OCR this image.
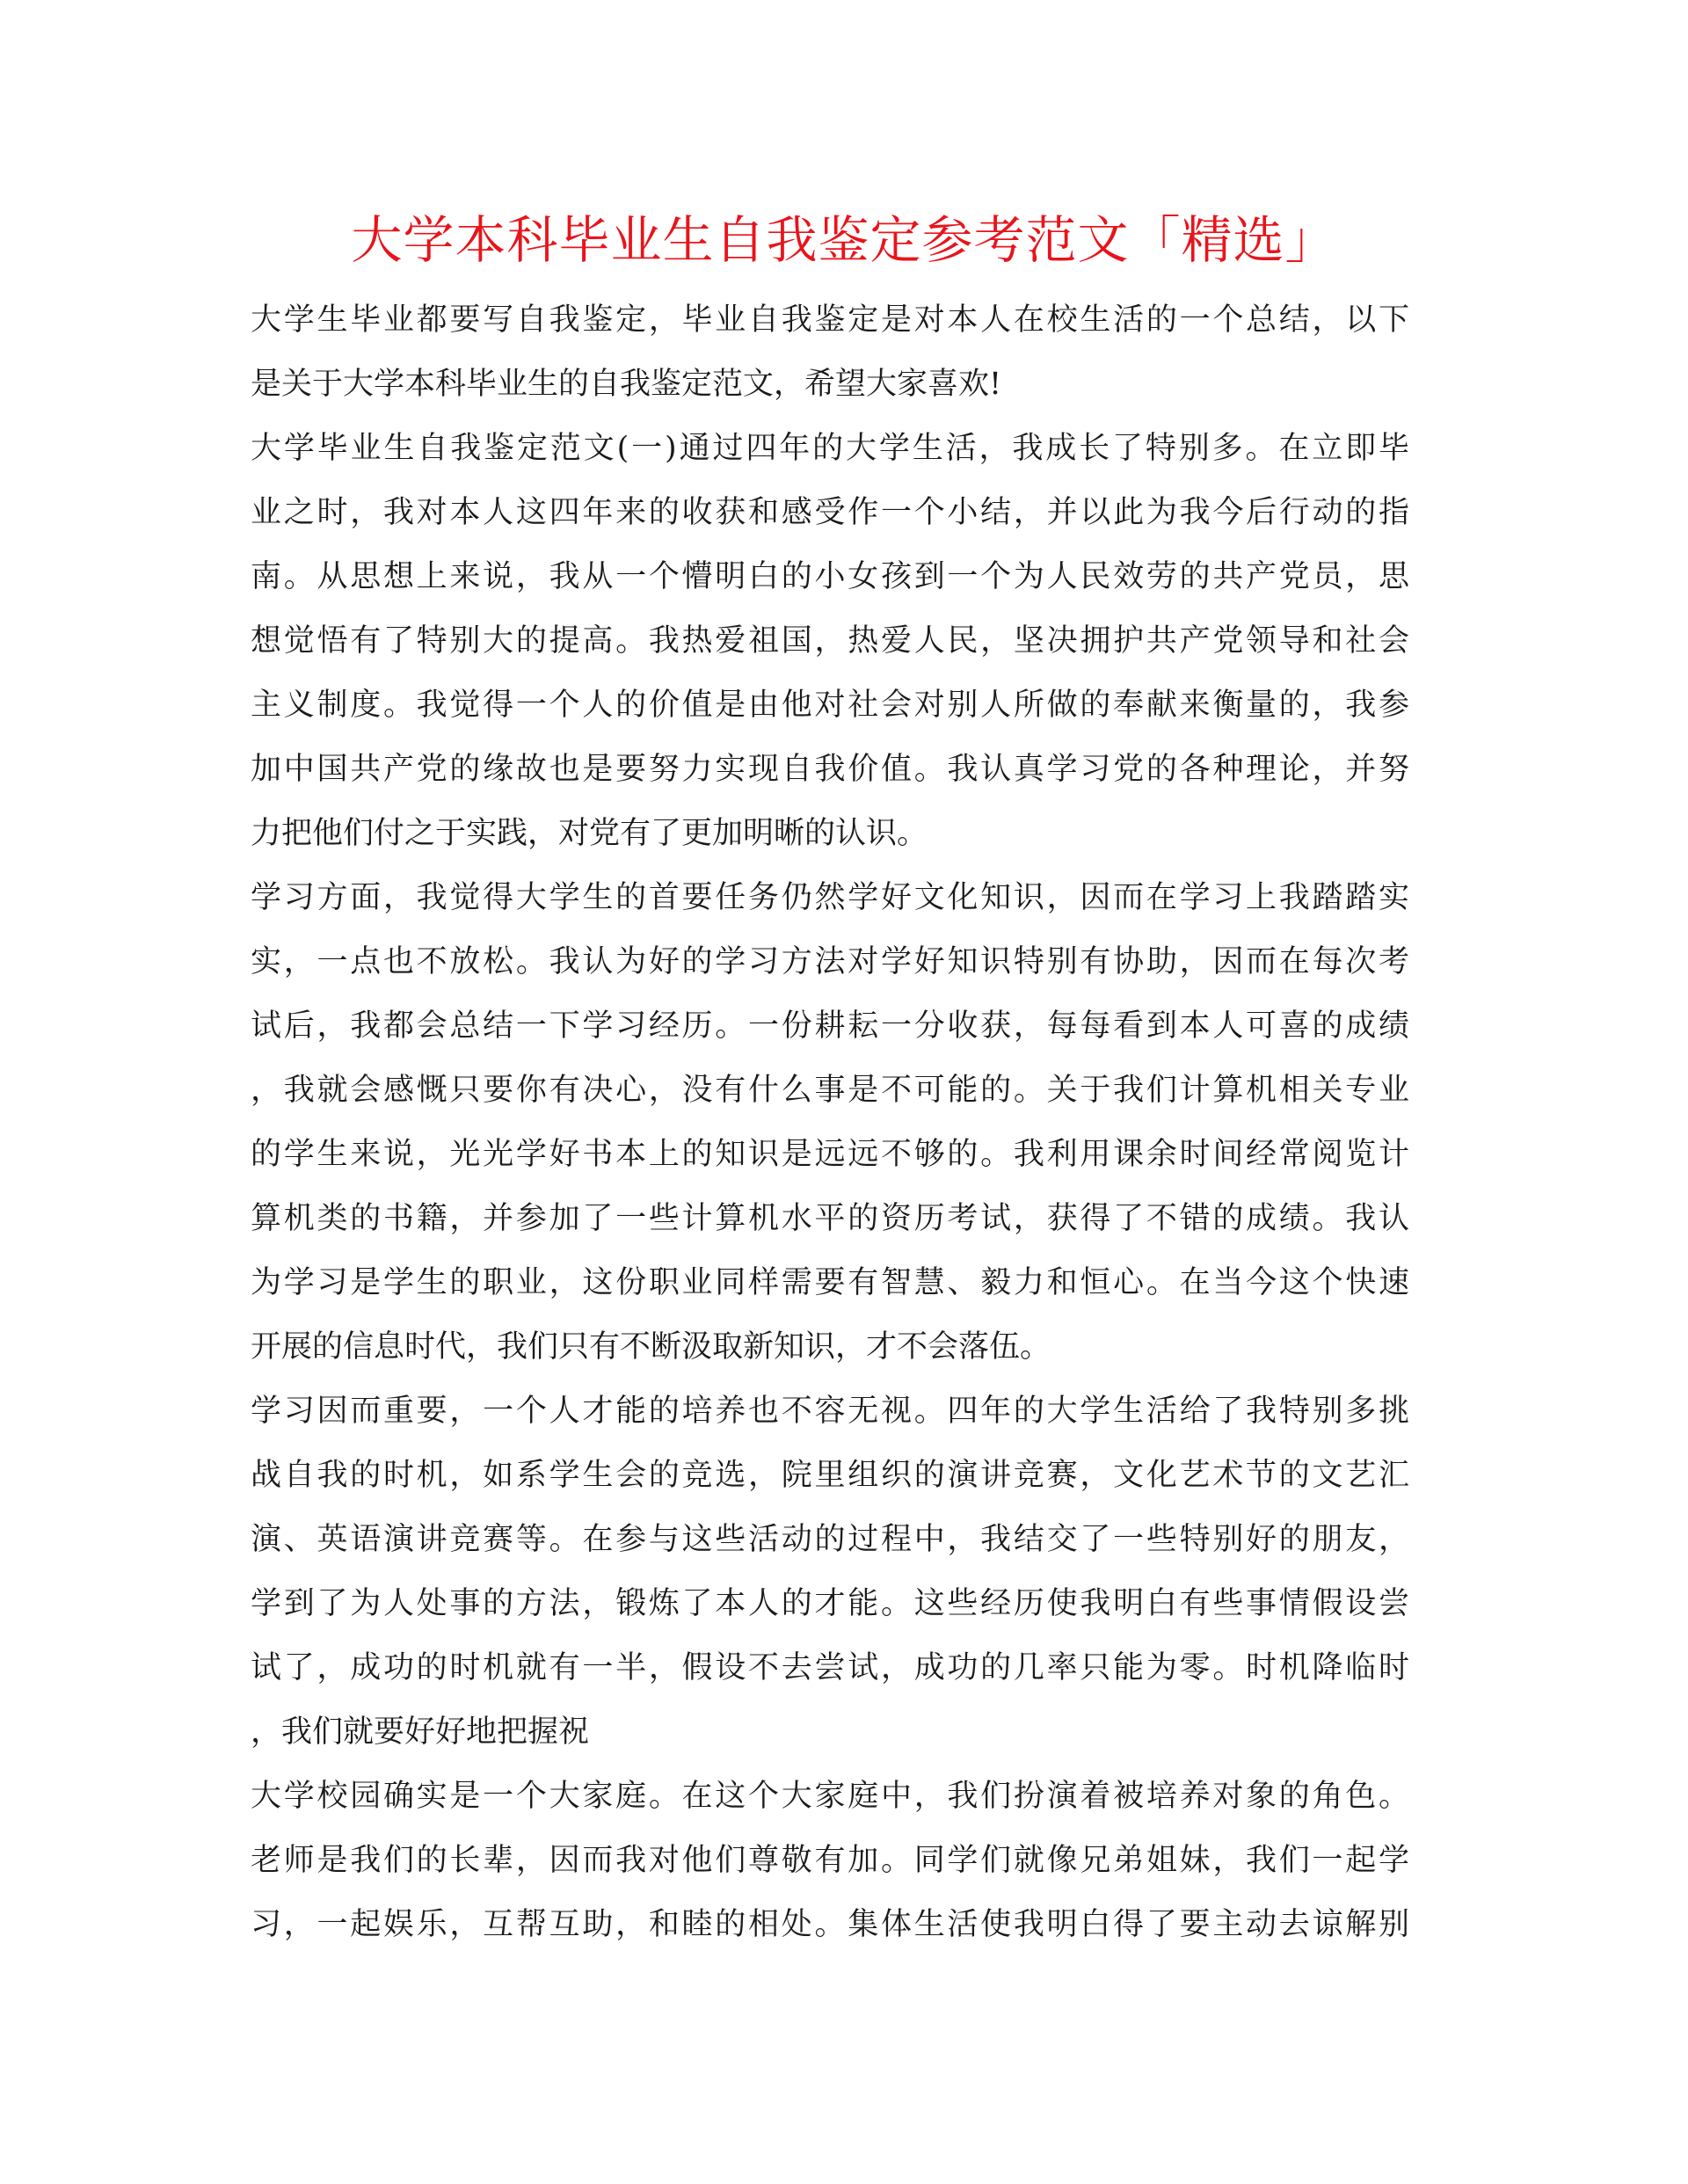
大学本科毕业生自我鉴定参考范文「精选」
大学生毕业都要写自我鉴定，毕业自我鉴定是对本人在校生活的一个总结，以下
是关于大学本科毕业生的自我鉴定范文，希望大家喜欢!
大学毕业生自我鉴定范文(一)通过四年的大学生活，我成长了特别多。在立即毕
业之时，我对本人这四年来的收获和感受作一个小结，并以此为我今后行动的指
南。从思想上来说，我从一个懵明白的小女孩到一个为人民效劳的共产党员，思
想觉悟有了特别大的提高。我热爱祖国，热爱人民，坚决拥护共产党领导和社会
主义制度。我觉得一个人的价值是由他对社会对别人所做的奉献来衡量的，我参
加中国共产党的缘故也是要努力实现自我价值。我认真学习党的各种理论，并努
力把他们付之于实践，对党有了更加明晰的认识。
学习方面，我觉得大学生的首要任务仍然学好文化知识，因而在学习上我踏踏实
实，一点也不放松。我认为好的学习方法对学好知识特别有协助，因而在每次考
试后，我都会总结一下学习经历。一份耕耘一分收获，每每看到本人可喜的成绩
，我就会感慨只要你有决心，没有什么事是不可能的。关于我们计算机相关专业
的学生来说，光光学好书本上的知识是远远不够的。我利用课余时间经常阅览计
算机类的书籍，并参加了一些计算机水平的资历考试，获得了不错的成绩。我认
为学习是学生的职业，这份职业同样需要有智慧、毅力和恒心。在当今这个快速
开展的信息时代，我们只有不断汲取新知识，才不会落伍。
学习因而重要，一个人才能的培养也不容无视。四年的大学生活给了我特别多挑
战自我的时机，如系学生会的竞选，院里组织的演讲竞赛，文化艺术节的文艺汇
演、英语演讲竞赛等。在参与这些活动的过程中，我结交了一些特别好的朋友，
学到了为人处事的方法，锻炼了本人的才能。这些经历使我明白有些事情假设尝
试了，成功的时机就有一半，假设不去尝试，成功的几率只能为零。时机降临时
，我们就要好好地把握祝
大学校园确实是一个大家庭。在这个大家庭中，我们扮演着被培养对象的角色。
老师是我们的长辈，因而我对他们尊敬有加。同学们就像兄弟姐妹，我们一起学
习，一起娱乐，互帮互助，和睦的相处。集体生活使我明白得了要主动去谅解别
